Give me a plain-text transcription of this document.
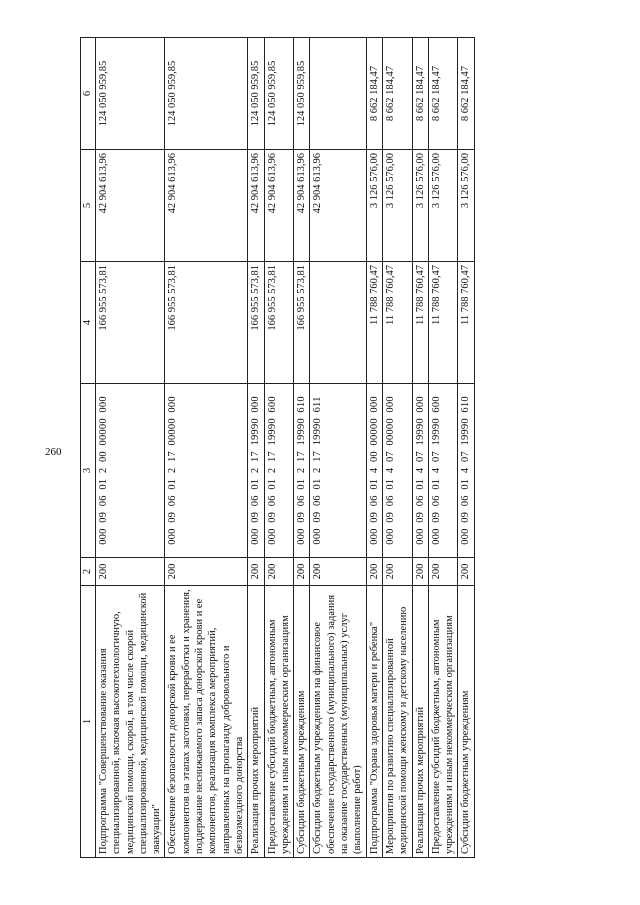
260
1	2	3	4	5	6
Подпрограмма "Совершенствование оказания специализированной, включая высокотехнологичную, медицинской помощи, скорой, в том числе скорой специализированной, медицинской помощи, медицинской эвакуации"	200	000  09  06  01  2  00  00000  000	166 955 573,81	42 904 613,96	124 050 959,85
Обеспечение безопасности донорской крови и ее компонентов на этапах заготовки, переработки и хранения, поддержание неснижаемого запаса донорской крови и ее компонентов, реализация комплекса мероприятий, направленных на пропаганду добровольного и безвозмездного донорства	200	000  09  06  01  2  17  00000  000	166 955 573,81	42 904 613,96	124 050 959,85
Реализация прочих мероприятий	200	000  09  06  01  2  17  19990  000	166 955 573,81	42 904 613,96	124 050 959,85
Предоставление субсидий бюджетным, автономным учреждениям и иным некоммерческим организациям	200	000  09  06  01  2  17  19990  600	166 955 573,81	42 904 613,96	124 050 959,85
Субсидии бюджетным учреждениям	200	000  09  06  01  2  17  19990  610	166 955 573,81	42 904 613,96	124 050 959,85
Субсидии бюджетным учреждениям на финансовое обеспечение государственного (муниципального) задания на оказание государственных (муниципальных) услуг (выполнение работ)	200	000  09  06  01  2  17  19990  611		42 904 613,96	
Подпрограмма "Охрана здоровья матери и ребенка"	200	000  09  06  01  4  00  00000  000	11 788 760,47	3 126 576,00	8 662 184,47
Мероприятия по развитию специализированной медицинской помощи женскому и детскому населению	200	000  09  06  01  4  07  00000  000	11 788 760,47	3 126 576,00	8 662 184,47
Реализация прочих мероприятий	200	000  09  06  01  4  07  19990  000	11 788 760,47	3 126 576,00	8 662 184,47
Предоставление субсидий бюджетным, автономным учреждениям и иным некоммерческим организациям	200	000  09  06  01  4  07  19990  600	11 788 760,47	3 126 576,00	8 662 184,47
Субсидии бюджетным учреждениям	200	000  09  06  01  4  07  19990  610	11 788 760,47	3 126 576,00	8 662 184,47
